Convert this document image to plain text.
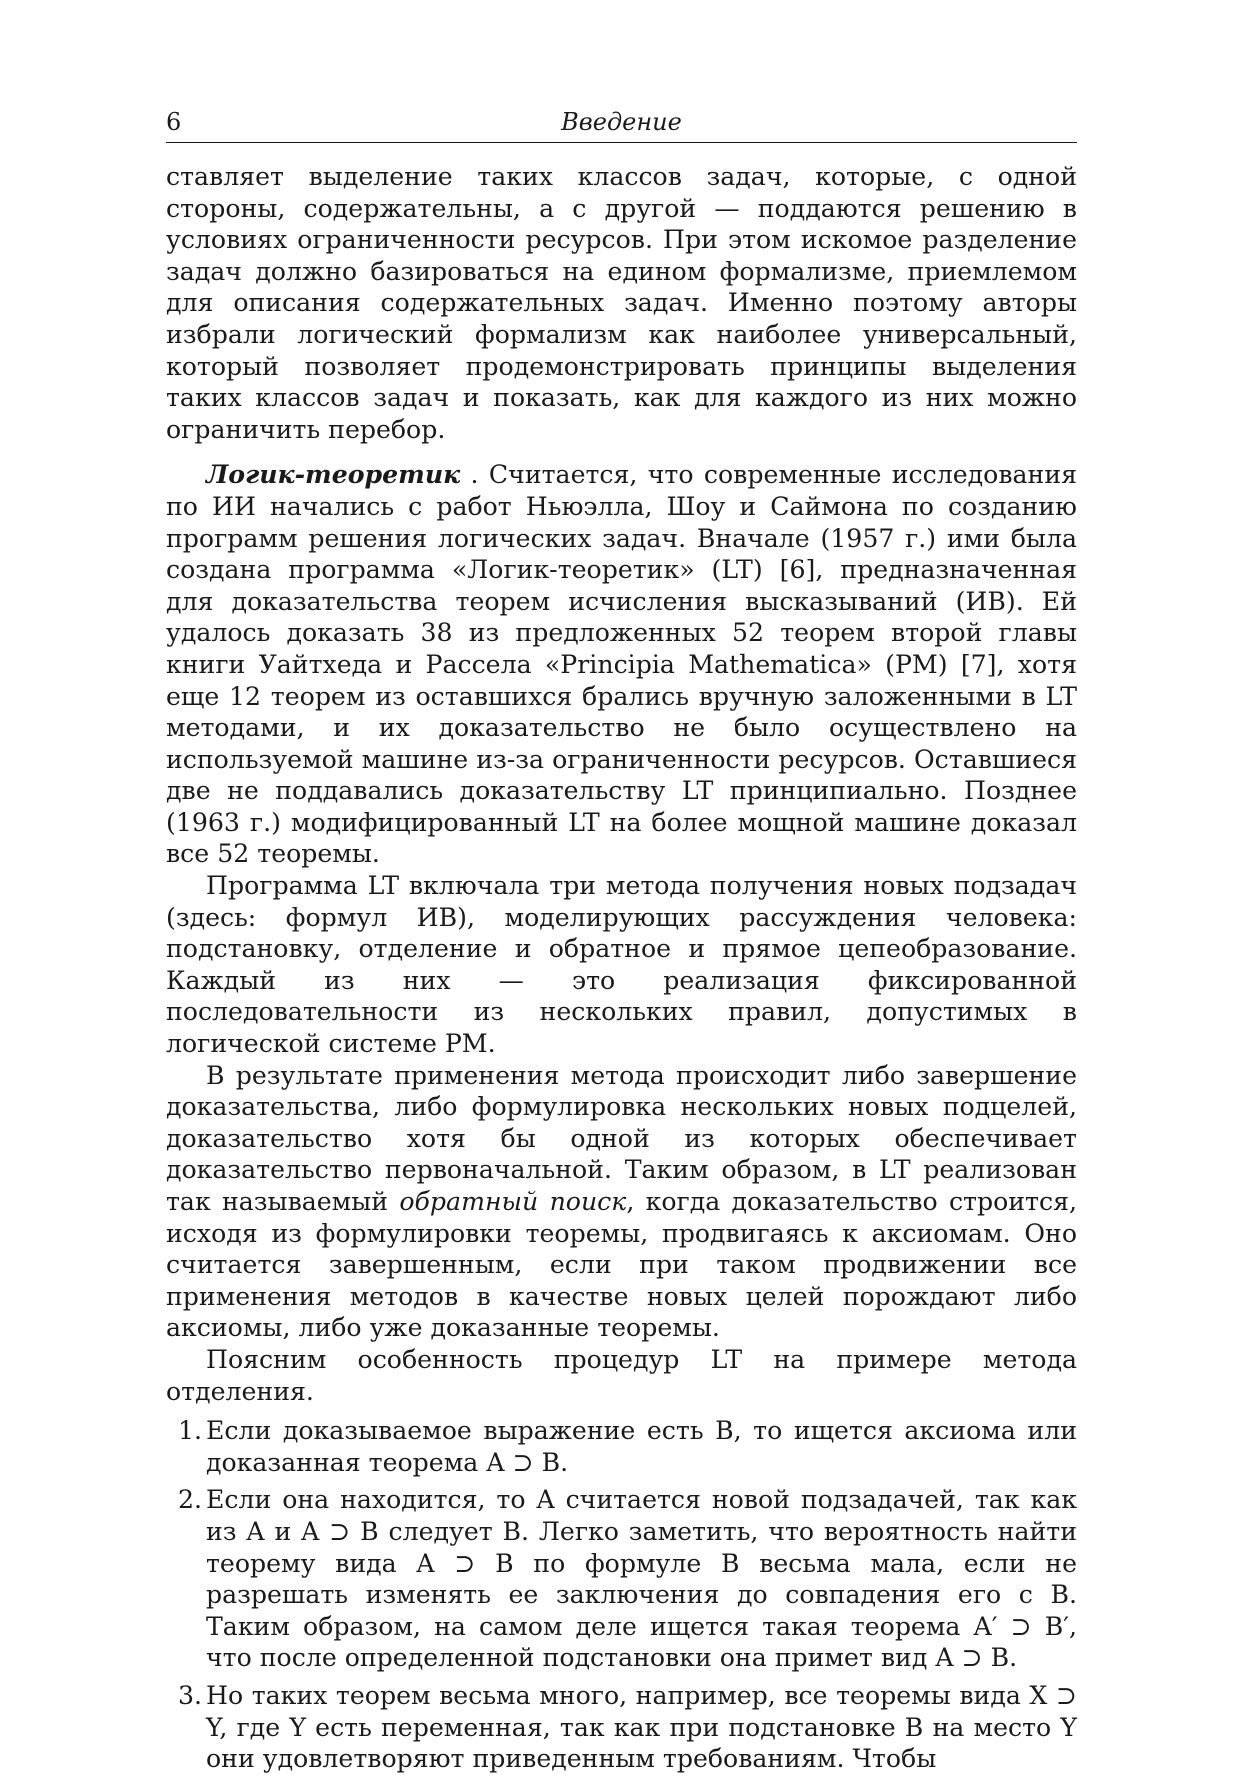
6	Введение

ставляет выделение таких классов задач, которые, с одной стороны, содержательны, а с другой — поддаются решению в условиях ограниченности ресурсов. При этом искомое разделение задач должно базироваться на едином формализме, приемлемом для описания содержательных задач. Именно поэтому авторы избрали логический формализм как наиболее универсальный, который позволяет продемонстрировать принципы выделения таких классов задач и показать, как для каждого из них можно ограничить перебор.

Логик-теоретик . Считается, что современные исследования по ИИ начались с работ Ньюэлла, Шоу и Саймона по созданию программ решения логических задач. Вначале (1957 г.) ими была создана программа «Логик-теоретик» (LT) [6], предназначенная для доказательства теорем исчисления высказываний (ИВ). Ей удалось доказать 38 из предложенных 52 теорем второй главы книги Уайтхеда и Рассела «Principia Mathematica» (PM) [7], хотя еще 12 теорем из оставшихся брались вручную заложенными в LT методами, и их доказательство не было осуществлено на используемой машине из-за ограниченности ресурсов. Оставшиеся две не поддавались доказательству LT принципиально. Позднее (1963 г.) модифицированный LT на более мощной машине доказал все 52 теоремы.

Программа LT включала три метода получения новых подзадач (здесь: формул ИВ), моделирующих рассуждения человека: подстановку, отделение и обратное и прямое цепеобразование. Каждый из них — это реализация фиксированной последовательности из нескольких правил, допустимых в логической системе PM.

В результате применения метода происходит либо завершение доказательства, либо формулировка нескольких новых подцелей, доказательство хотя бы одной из которых обеспечивает доказательство первоначальной. Таким образом, в LT реализован так называемый обратный поиск, когда доказательство строится, исходя из формулировки теоремы, продвигаясь к аксиомам. Оно считается завершенным, если при таком продвижении все применения методов в качестве новых целей порождают либо аксиомы, либо уже доказанные теоремы.

Поясним особенность процедур LT на примере метода отделения.

1. Если доказываемое выражение есть B, то ищется аксиома или доказанная теорема A ⊃ B.
2. Если она находится, то A считается новой подзадачей, так как из A и A ⊃ B следует B. Легко заметить, что вероятность найти теорему вида A ⊃ B по формуле B весьма мала, если не разрешать изменять ее заключения до совпадения его с B. Таким образом, на самом деле ищется такая теорема A′ ⊃ B′, что после определенной подстановки она примет вид A ⊃ B.
3. Но таких теорем весьма много, например, все теоремы вида X ⊃ Y, где Y есть переменная, так как при подстановке B на место Y они удовлетворяют приведенным требованиям. Чтобы
